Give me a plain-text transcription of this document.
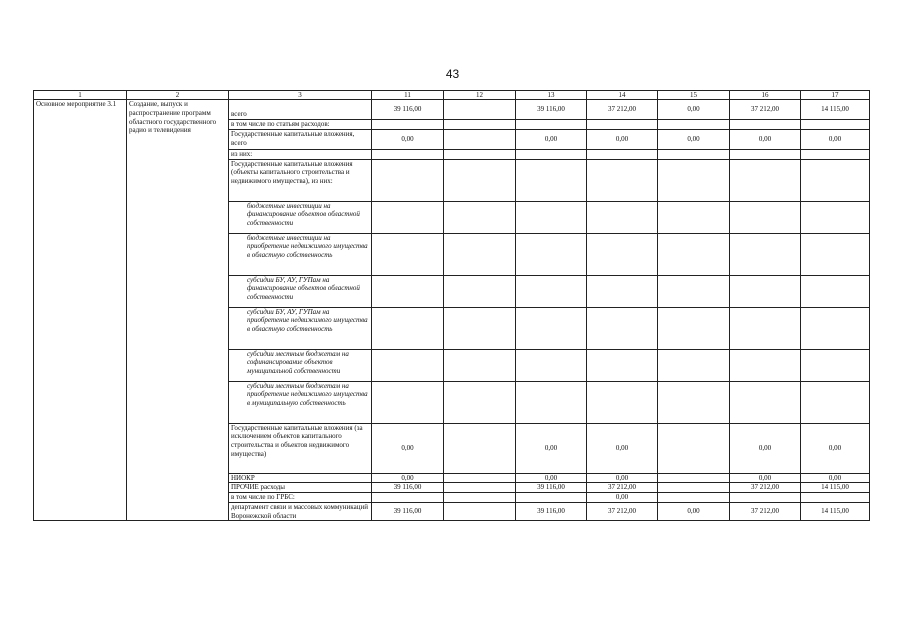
43
1	2	3	11	12	13	14	15	16	17
Основное мероприятие 3.1	Создание, выпуск и распространение программ областного государственного радио и телевидения	всего	39 116,00		39 116,00	37 212,00	0,00	37 212,00	14 115,00
		в том числе по статьям расходов:							
		Государственные капитальные вложения, всего	0,00		0,00	0,00	0,00	0,00	0,00
		из них:							
		Государственные капитальные вложения (объекты капитального строительства и недвижимого имущества), из них:							
		бюджетные инвестиции на финансирование объектов областной собственности							
		бюджетные инвестиции на приобретение недвижимого имущества в областную собственность							
		субсидии БУ, АУ, ГУПам на финансирование объектов областной собственности							
		субсидии БУ, АУ, ГУПам на приобретение недвижимого имущества в областную собственность							
		субсидии местным бюджетам на софинансирование объектов муниципальной собственности							
		субсидии местным бюджетам на приобретение недвижимого имущества в муниципальную собственность							
		Государственные капитальные вложения (за исключением объектов капитального строительства и объектов недвижимого имущества)	0,00		0,00	0,00		0,00	0,00
		НИОКР	0,00		0,00	0,00		0,00	0,00
		ПРОЧИЕ расходы	39 116,00		39 116,00	37 212,00		37 212,00	14 115,00
		в том числе по ГРБС:				0,00			
		департамент связи и массовых коммуникаций Воронежской области	39 116,00		39 116,00	37 212,00	0,00	37 212,00	14 115,00
